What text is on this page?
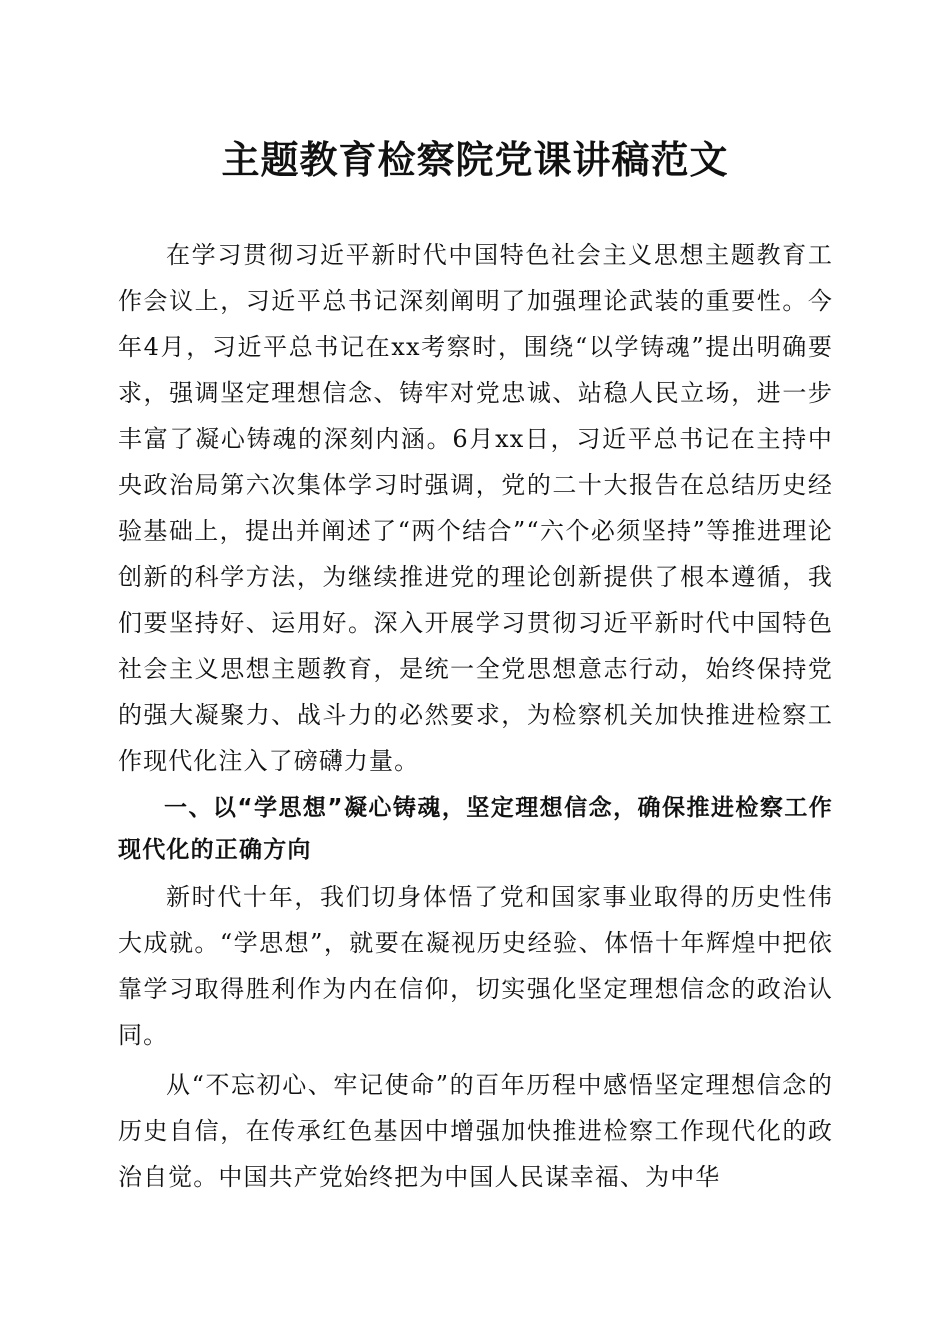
主题教育检察院党课讲稿范文

在学习贯彻习近平新时代中国特色社会主义思想主题教育工作会议上，习近平总书记深刻阐明了加强理论武装的重要性。今年4月，习近平总书记在xx考察时，围绕“以学铸魂”提出明确要求，强调坚定理想信念、铸牢对党忠诚、站稳人民立场，进一步丰富了凝心铸魂的深刻内涵。6月xx日，习近平总书记在主持中央政治局第六次集体学习时强调，党的二十大报告在总结历史经验基础上，提出并阐述了“两个结合”“六个必须坚持”等推进理论创新的科学方法，为继续推进党的理论创新提供了根本遵循，我们要坚持好、运用好。深入开展学习贯彻习近平新时代中国特色社会主义思想主题教育，是统一全党思想意志行动，始终保持党的强大凝聚力、战斗力的必然要求，为检察机关加快推进检察工作现代化注入了磅礴力量。

一、以“学思想”凝心铸魂，坚定理想信念，确保推进检察工作现代化的正确方向

新时代十年，我们切身体悟了党和国家事业取得的历史性伟大成就。“学思想”，就要在凝视历史经验、体悟十年辉煌中把依靠学习取得胜利作为内在信仰，切实强化坚定理想信念的政治认同。

从“不忘初心、牢记使命”的百年历程中感悟坚定理想信念的历史自信，在传承红色基因中增强加快推进检察工作现代化的政治自觉。中国共产党始终把为中国人民谋幸福、为中华
